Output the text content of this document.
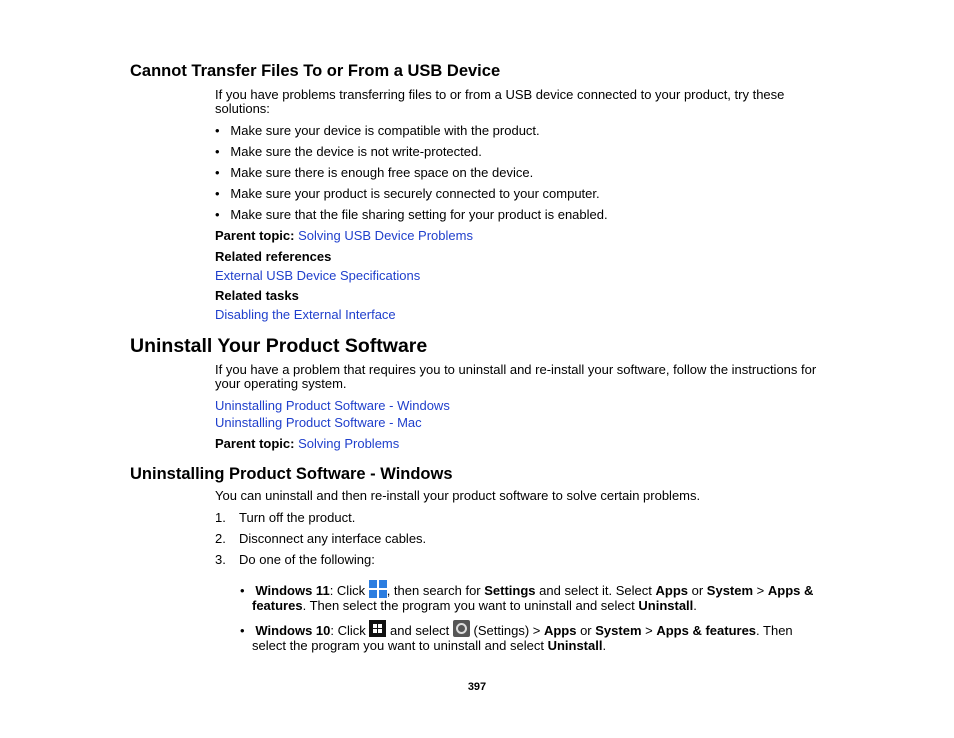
Cannot Transfer Files To or From a USB Device
If you have problems transferring files to or from a USB device connected to your product, try these
solutions:
•   Make sure your device is compatible with the product.
•   Make sure the device is not write-protected.
•   Make sure there is enough free space on the device.
•   Make sure your product is securely connected to your computer.
•   Make sure that the file sharing setting for your product is enabled.
Parent topic: Solving USB Device Problems
Related references
External USB Device Specifications
Related tasks
Disabling the External Interface
Uninstall Your Product Software
If you have a problem that requires you to uninstall and re-install your software, follow the instructions for
your operating system.
Uninstalling Product Software - Windows
Uninstalling Product Software - Mac
Parent topic: Solving Problems
Uninstalling Product Software - Windows
You can uninstall and then re-install your product software to solve certain problems.
1. Turn off the product.
2. Disconnect any interface cables.
3. Do one of the following:
•   Windows 11: Click , then search for Settings and select it. Select Apps or System > Apps &
features. Then select the program you want to uninstall and select Uninstall.
•   Windows 10: Click
and select
(Settings) > Apps or System > Apps & features. Then
select the program you want to uninstall and select Uninstall.
397
